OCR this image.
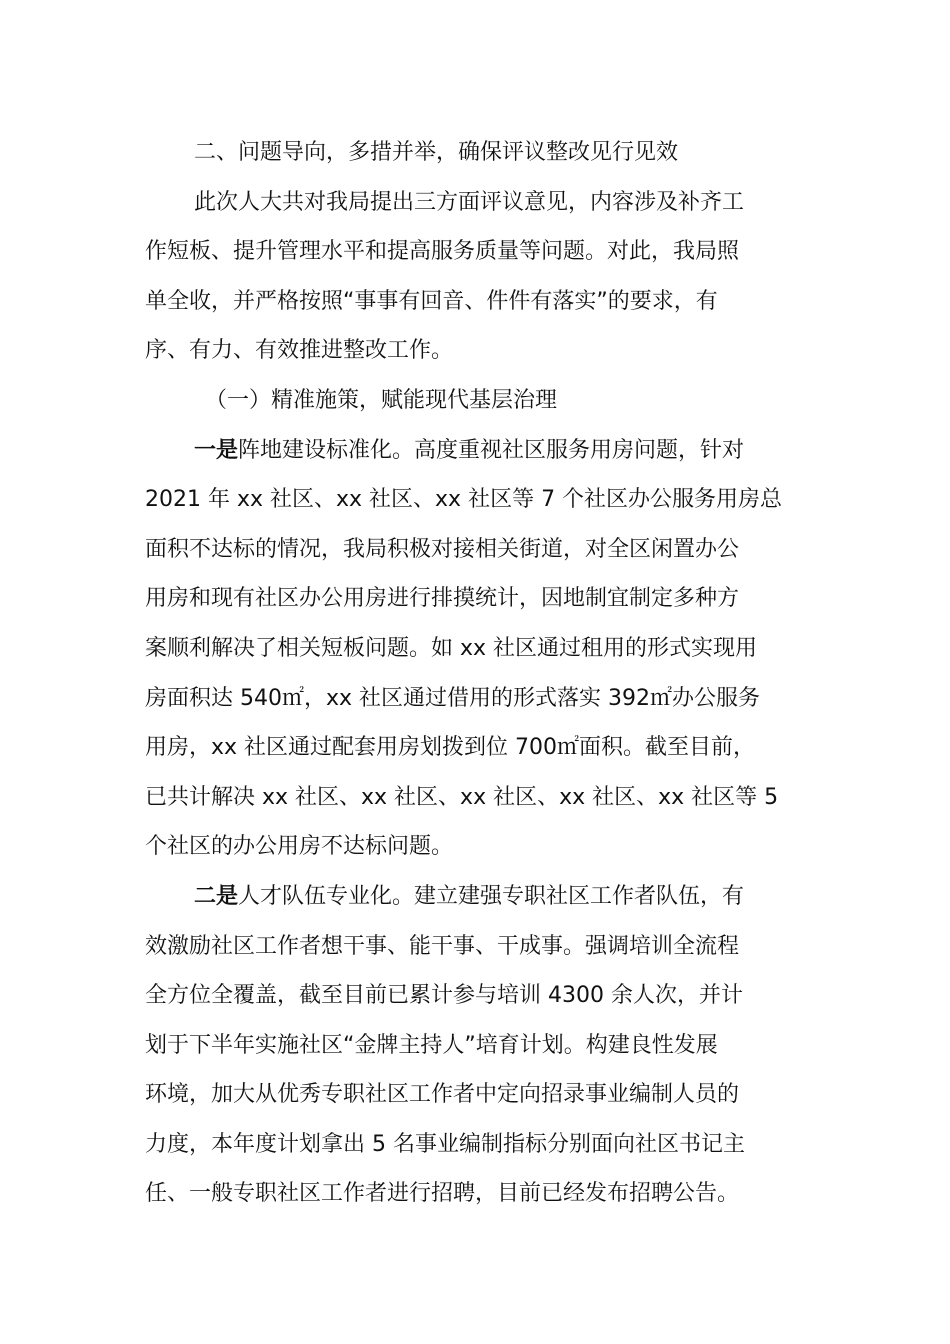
二、问题导向，多措并举，确保评议整改见行见效
此次人大共对我局提出三方面评议意见，内容涉及补齐工
作短板、提升管理水平和提高服务质量等问题。对此，我局照
单全收，并严格按照“事事有回音、件件有落实”的要求，有
序、有力、有效推进整改工作。
（一）精准施策，赋能现代基层治理
一是阵地建设标准化。高度重视社区服务用房问题，针对
2021 年 xx 社区、xx 社区、xx 社区等 7 个社区办公服务用房总
面积不达标的情况，我局积极对接相关街道，对全区闲置办公
用房和现有社区办公用房进行排摸统计，因地制宜制定多种方
案顺利解决了相关短板问题。如 xx 社区通过租用的形式实现用
房面积达 540㎡，xx 社区通过借用的形式落实 392㎡办公服务
用房，xx 社区通过配套用房划拨到位 700㎡面积。截至目前，
已共计解决 xx 社区、xx 社区、xx 社区、xx 社区、xx 社区等 5
个社区的办公用房不达标问题。
二是人才队伍专业化。建立建强专职社区工作者队伍，有
效激励社区工作者想干事、能干事、干成事。强调培训全流程
全方位全覆盖，截至目前已累计参与培训 4300 余人次，并计
划于下半年实施社区“金牌主持人”培育计划。构建良性发展
环境，加大从优秀专职社区工作者中定向招录事业编制人员的
力度，本年度计划拿出 5 名事业编制指标分别面向社区书记主
任、一般专职社区工作者进行招聘，目前已经发布招聘公告。
